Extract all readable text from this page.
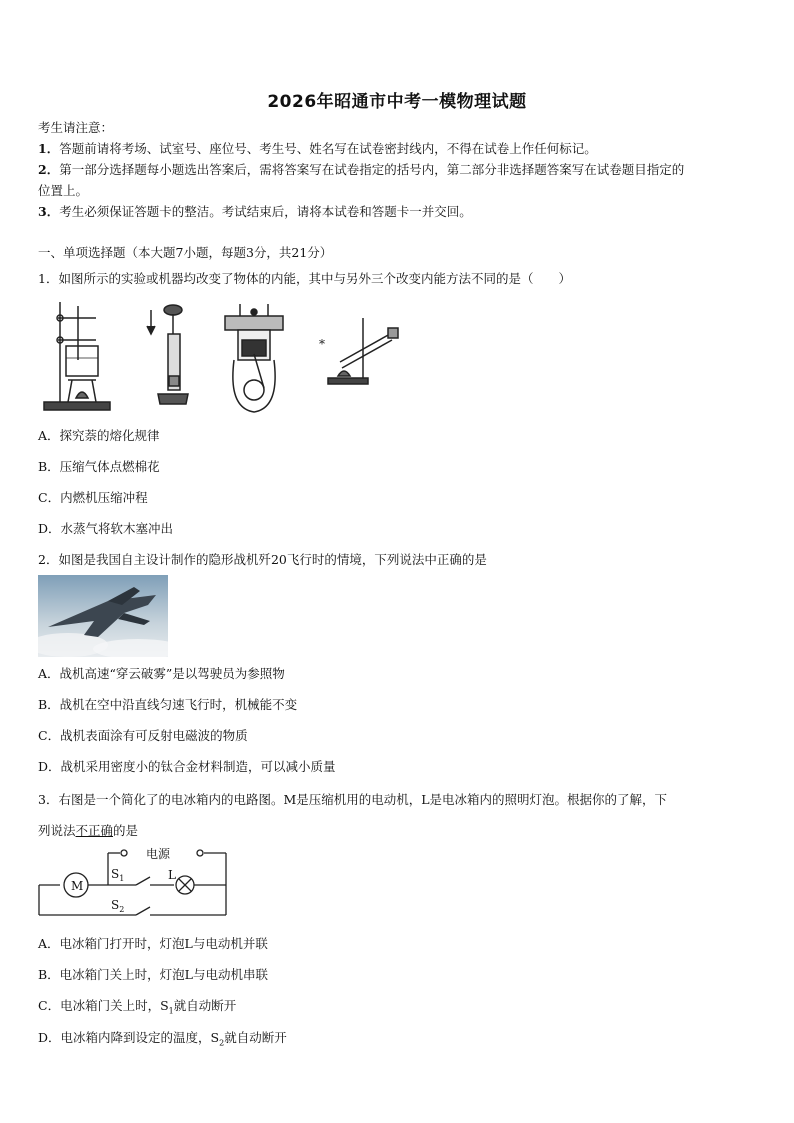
2026年昭通市中考一模物理试题
考生请注意：
1．答题前请将考场、试室号、座位号、考生号、姓名写在试卷密封线内，不得在试卷上作任何标记。
2．第一部分选择题每小题选出答案后，需将答案写在试卷指定的括号内，第二部分非选择题答案写在试卷题目指定的
位置上。
3．考生必须保证答题卡的整洁。考试结束后，请将本试卷和答题卡一并交回。
一、单项选择题（本大题7小题，每题3分，共21分）
1．如图所示的实验或机器均改变了物体的内能，其中与另外三个改变内能方法不同的是（　　）
*
A．探究萘的熔化规律
B．压缩气体点燃棉花
C．内燃机压缩冲程
D．水蒸气将软木塞冲出
2．如图是我国自主设计制作的隐形战机歼20飞行时的情境，下列说法中正确的是
A．战机高速“穿云破雾”是以驾驶员为参照物
B．战机在空中沿直线匀速飞行时，机械能不变
C．战机表面涂有可反射电磁波的物质
D．战机采用密度小的钛合金材料制造，可以减小质量
3．右图是一个简化了的电冰箱内的电路图。M是压缩机用的电动机，L是电冰箱内的照明灯泡。根据你的了解，下
列说法不正确的是
电源
M
L
$S_1$
$S_2$
A．电冰箱门打开时，灯泡L与电动机并联
B．电冰箱门关上时，灯泡L与电动机串联
C．电冰箱门关上时，$S_1$就自动断开
D．电冰箱内降到设定的温度，$S_2$就自动断开
